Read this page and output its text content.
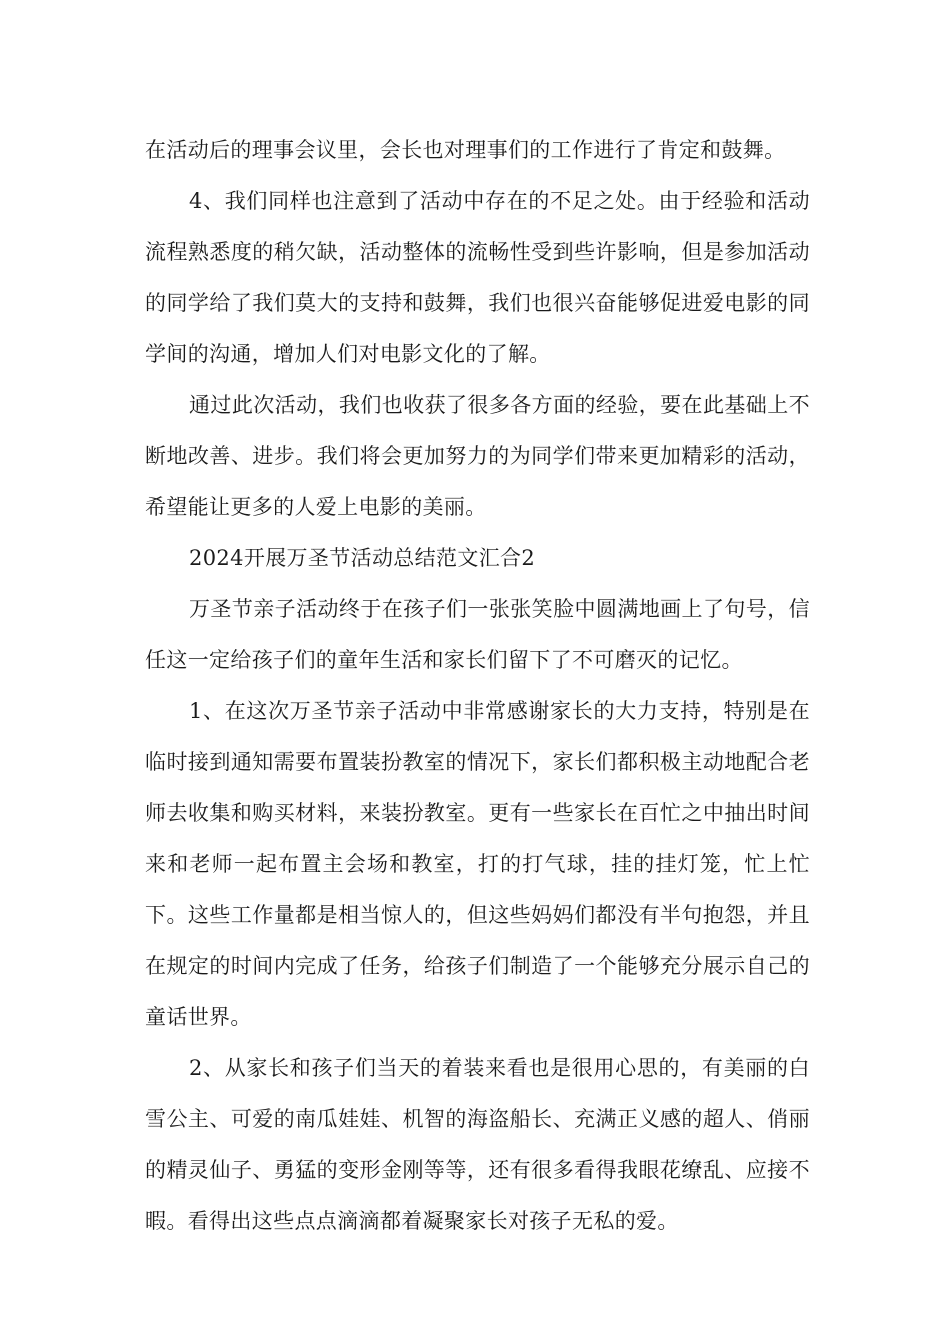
在活动后的理事会议里，会长也对理事们的工作进行了肯定和鼓舞。

4、我们同样也注意到了活动中存在的不足之处。由于经验和活动流程熟悉度的稍欠缺，活动整体的流畅性受到些许影响，但是参加活动的同学给了我们莫大的支持和鼓舞，我们也很兴奋能够促进爱电影的同学间的沟通，增加人们对电影文化的了解。

通过此次活动，我们也收获了很多各方面的经验，要在此基础上不断地改善、进步。我们将会更加努力的为同学们带来更加精彩的活动，希望能让更多的人爱上电影的美丽。

2024开展万圣节活动总结范文汇合2

万圣节亲子活动终于在孩子们一张张笑脸中圆满地画上了句号，信任这一定给孩子们的童年生活和家长们留下了不可磨灭的记忆。

1、在这次万圣节亲子活动中非常感谢家长的大力支持，特别是在临时接到通知需要布置装扮教室的情况下，家长们都积极主动地配合老师去收集和购买材料，来装扮教室。更有一些家长在百忙之中抽出时间来和老师一起布置主会场和教室，打的打气球，挂的挂灯笼，忙上忙下。这些工作量都是相当惊人的，但这些妈妈们都没有半句抱怨，并且在规定的时间内完成了任务，给孩子们制造了一个能够充分展示自己的童话世界。

2、从家长和孩子们当天的着装来看也是很用心思的，有美丽的白雪公主、可爱的南瓜娃娃、机智的海盗船长、充满正义感的超人、俏丽的精灵仙子、勇猛的变形金刚等等，还有很多看得我眼花缭乱、应接不暇。看得出这些点点滴滴都着凝聚家长对孩子无私的爱。
